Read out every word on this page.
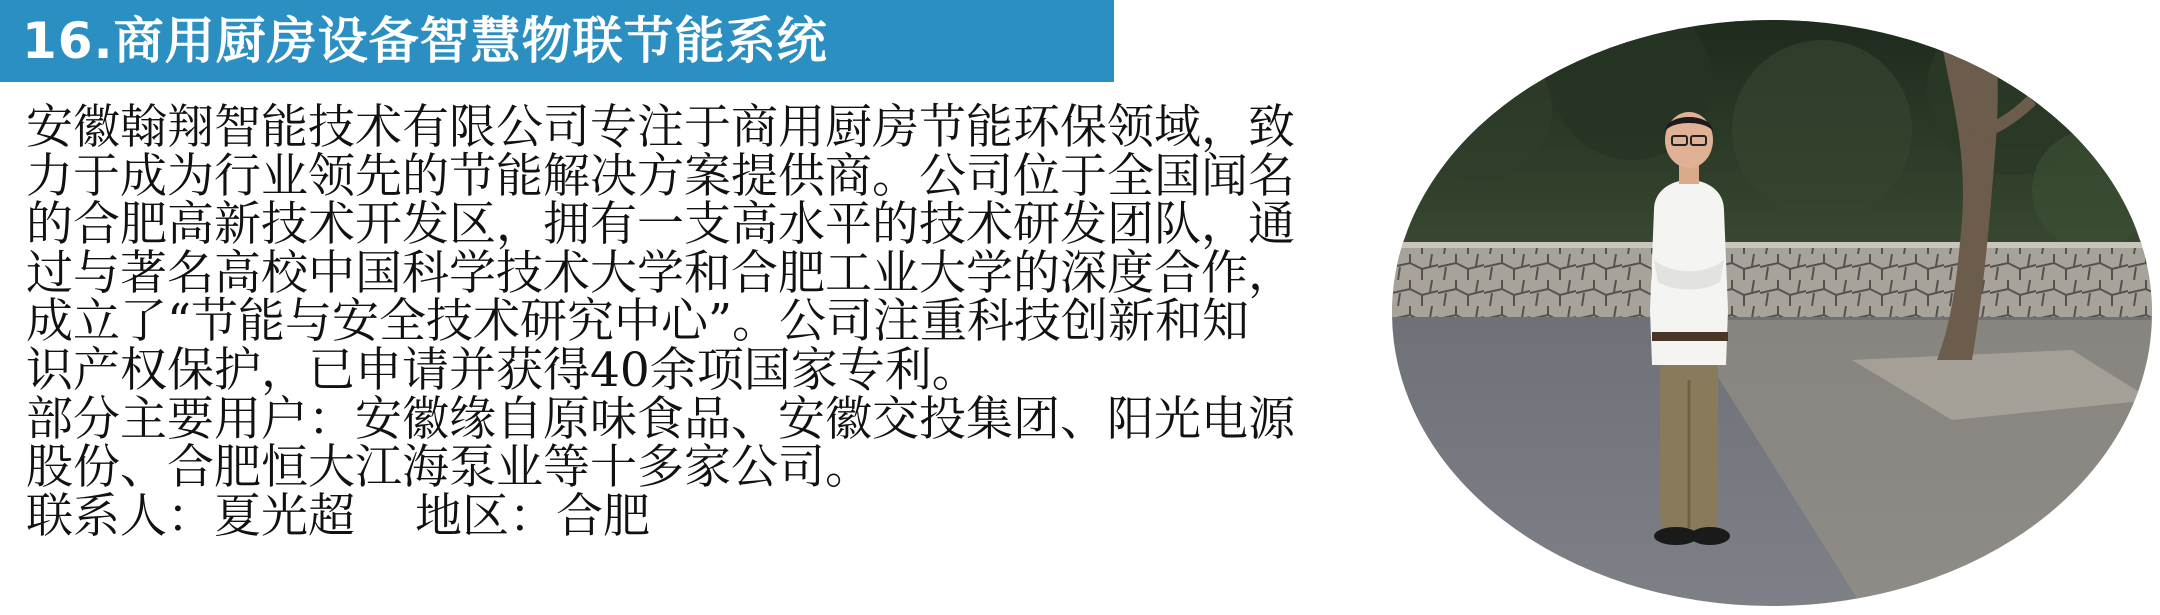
16.商用厨房设备智慧物联节能系统
安徽翰翔智能技术有限公司专注于商用厨房节能环保领域，致
力于成为行业领先的节能解决方案提供商。公司位于全国闻名
的合肥高新技术开发区，拥有一支高水平的技术研发团队，通
过与著名高校中国科学技术大学和合肥工业大学的深度合作，
成立了“节能与安全技术研究中心”。公司注重科技创新和知
识产权保护，已申请并获得40余项国家专利。
部分主要用户：安徽缘自原味食品、安徽交投集团、阳光电源
股份、合肥恒大江海泵业等十多家公司。
联系人：夏光超 地区：合肥
